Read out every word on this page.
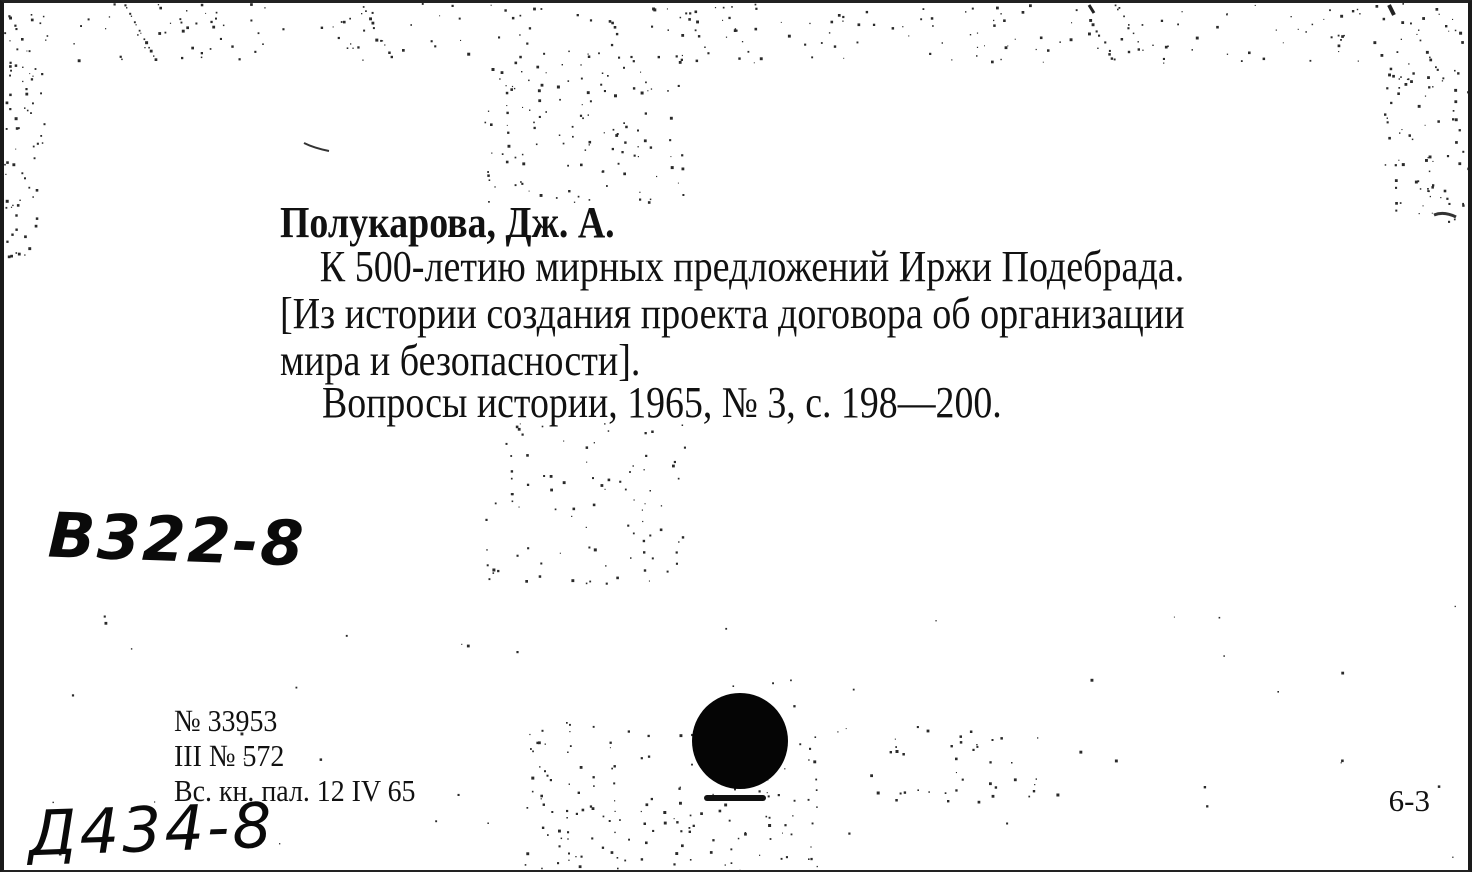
Полукарова, Дж. А.
К 500-летию мирных предложений Иржи Подебрада.
[Из истории создания проекта договора об организации
мира и безопасности].
Вопросы истории, 1965, № 3, с. 198—200.
В322-8
№ 33953
III № 572
Вс. кн. пал. 12 IV 65	6-3
Д434-8
